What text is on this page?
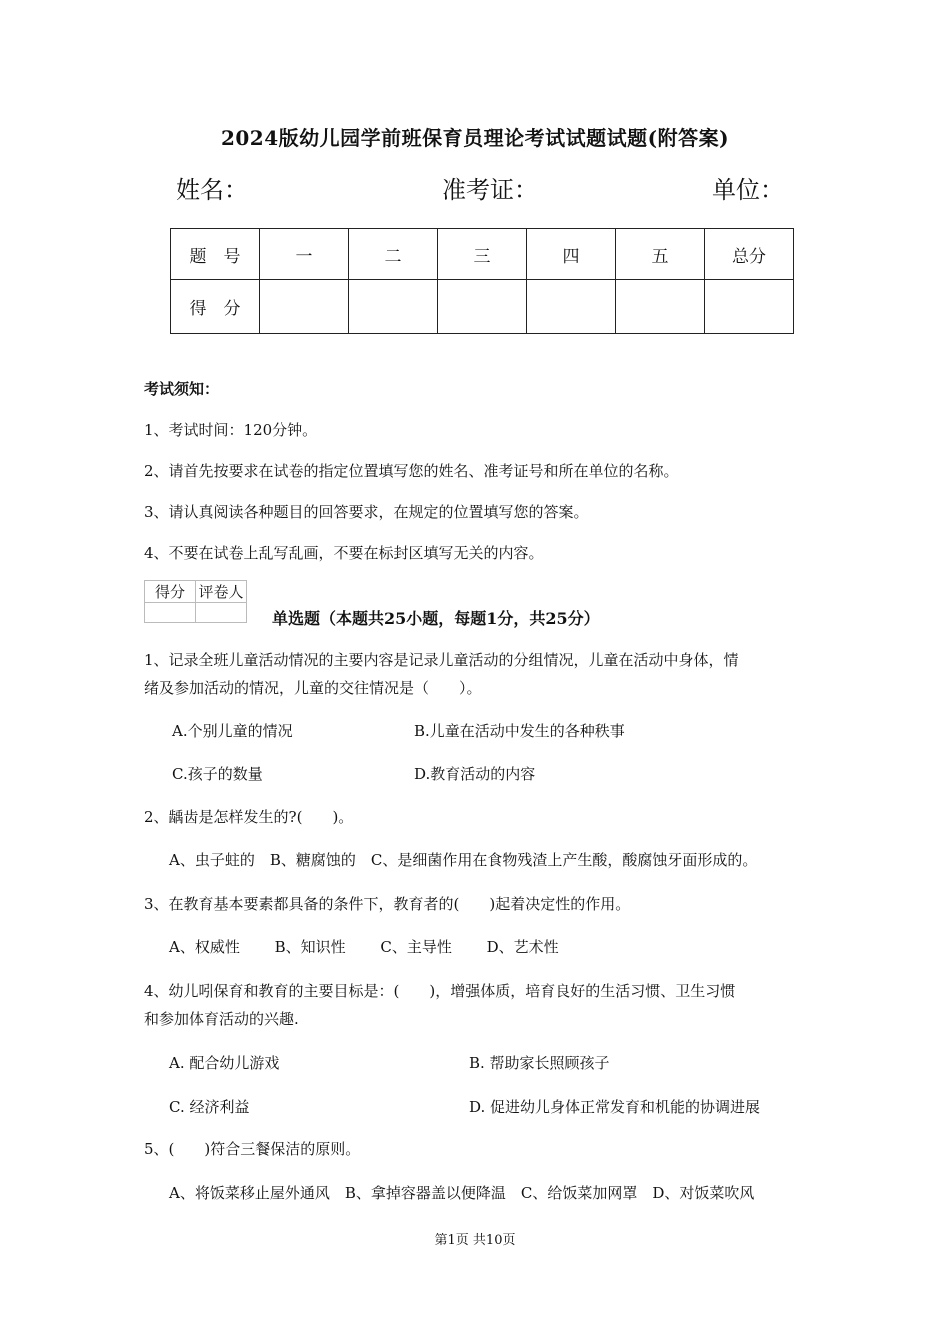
2024版幼儿园学前班保育员理论考试试题试题(附答案)
姓名：	准考证：	单位：
题　号	一	二	三	四	五	总分
得　分						
考试须知：
1、考试时间：120分钟。
2、请首先按要求在试卷的指定位置填写您的姓名、准考证号和所在单位的名称。
3、请认真阅读各种题目的回答要求，在规定的位置填写您的答案。
4、不要在试卷上乱写乱画，不要在标封区填写无关的内容。
得分	评卷人

单选题（本题共25小题，每题1分，共25分）
1、记录全班儿童活动情况的主要内容是记录儿童活动的分组情况，儿童在活动中身体，情
绪及参加活动的情况，儿童的交往情况是（　　）。
A.个别儿童的情况	B.儿童在活动中发生的各种秩事
C.孩子的数量	D.教育活动的内容
2、龋齿是怎样发生的?(　　)。
A、虫子蛀的　B、糖腐蚀的　C、是细菌作用在食物残渣上产生酸，酸腐蚀牙面形成的。
3、在教育基本要素都具备的条件下，教育者的(　　)起着决定性的作用。
A、权威性　　 B、知识性　　 C、主导性　　 D、艺术性
4、幼儿吲保育和教育的主要目标是：(　　)，增强体质，培育良好的生活习惯、卫生习惯
和参加体育活动的兴趣.
A. 配合幼儿游戏	B. 帮助家长照顾孩子
C. 经济利益	D. 促进幼儿身体正常发育和机能的协调进展
5、(　　)符合三餐保洁的原则。
A、将饭菜移止屋外通风　B、拿掉容器盖以便降温　C、给饭菜加网罩　D、对饭菜吹风
第1页 共10页
